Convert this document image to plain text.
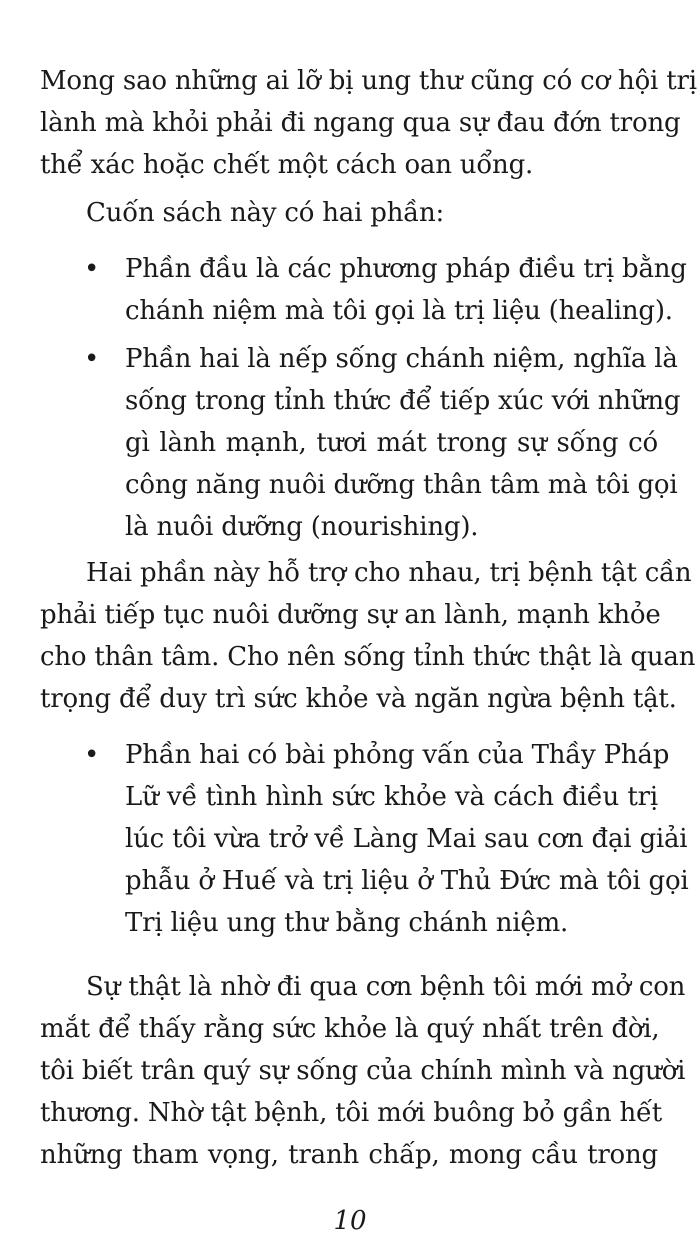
Mong sao những ai lỡ bị ung thư cũng có cơ hội trị
lành mà khỏi phải đi ngang qua sự đau đớn trong
thể xác hoặc chết một cách oan uổng.
Cuốn sách này có hai phần:
• Phần đầu là các phương pháp điều trị bằng
chánh niệm mà tôi gọi là trị liệu (healing).
• Phần hai là nếp sống chánh niệm, nghĩa là
sống trong tỉnh thức để tiếp xúc với những
gì lành mạnh, tươi mát trong sự sống có
công năng nuôi dưỡng thân tâm mà tôi gọi
là nuôi dưỡng (nourishing).
Hai phần này hỗ trợ cho nhau, trị bệnh tật cần
phải tiếp tục nuôi dưỡng sự an lành, mạnh khỏe
cho thân tâm. Cho nên sống tỉnh thức thật là quan
trọng để duy trì sức khỏe và ngăn ngừa bệnh tật.
• Phần hai có bài phỏng vấn của Thầy Pháp
Lữ về tình hình sức khỏe và cách điều trị
lúc tôi vừa trở về Làng Mai sau cơn đại giải
phẫu ở Huế và trị liệu ở Thủ Đức mà tôi gọi
Trị liệu ung thư bằng chánh niệm.
Sự thật là nhờ đi qua cơn bệnh tôi mới mở con
mắt để thấy rằng sức khỏe là quý nhất trên đời,
tôi biết trân quý sự sống của chính mình và người
thương. Nhờ tật bệnh, tôi mới buông bỏ gần hết
những tham vọng, tranh chấp, mong cầu trong
10
